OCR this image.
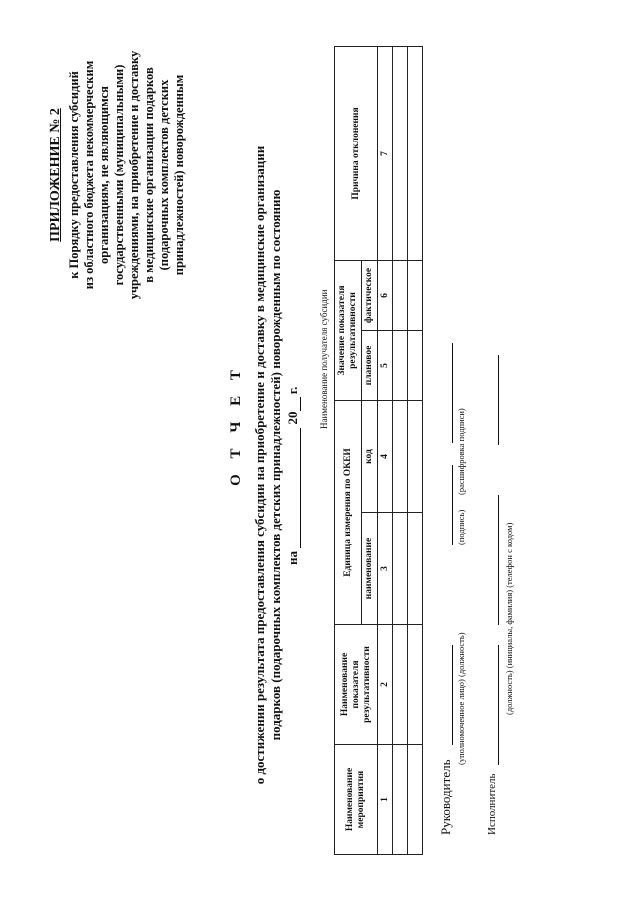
ПРИЛОЖЕНИЕ № 2 к Порядку предоставления субсидий из областного бюджета некоммерческим организациям, не являющимся государственными (муниципальными) учреждениями, на приобретение и доставку в медицинские организации подарков (подарочных комплектов детских принадлежностей) новорожденным
О Т Ч Е Т о достижении результата предоставления субсидии на приобретение и доставку в медицинские организации подарков (подарочных комплектов детских принадлежностей) новорожденным по состоянию на  20 г. Наименование получателя субсидии
Наименование мероприятия	Наименование показателя результативности	Единица измерения по ОКЕИ		Значение показателя результативности		Причина отклонения
		наименование	код	плановое	фактическое	
1	2	3	4	5	6	7

Руководитель
(уполномоченное лицо) (должность)
(подпись)
(расшифровка подписи)
Исполнитель
(должность) (инициалы, фамилия) (телефон с кодом)
